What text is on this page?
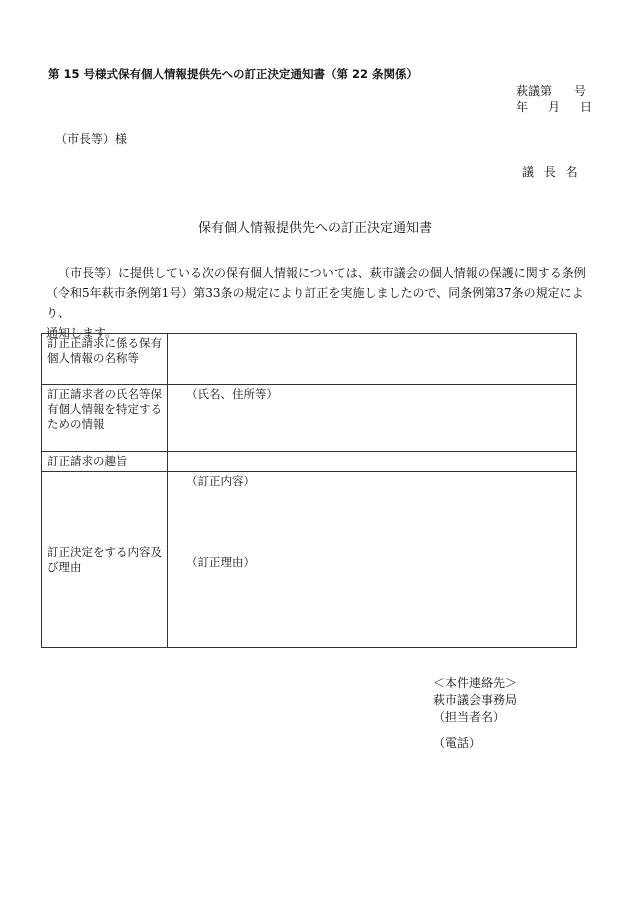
第 15 号様式保有個人情報提供先への訂正決定通知書（第 22 条関係）
萩議第 号
年 月 日
（市長等）様
議 長 名
保有個人情報提供先への訂正決定通知書

（市長等）に提供している次の保有個人情報については、萩市議会の個人情報の保護に関する条例

（令和5年萩市条例第1号）第33条の規定により訂正を実施しましたので、同条例第37条の規定により、

通知します。

訂正正請求に係る保有個人情報の名称等	
訂正請求者の氏名等保有個人情報を特定するための情報	（氏名、住所等）
訂正請求の趣旨	
訂正決定をする内容及び理由	（訂正内容）
（訂正理由）
＜本件連絡先＞
萩市議会事務局
（担当者名）
（電話）
